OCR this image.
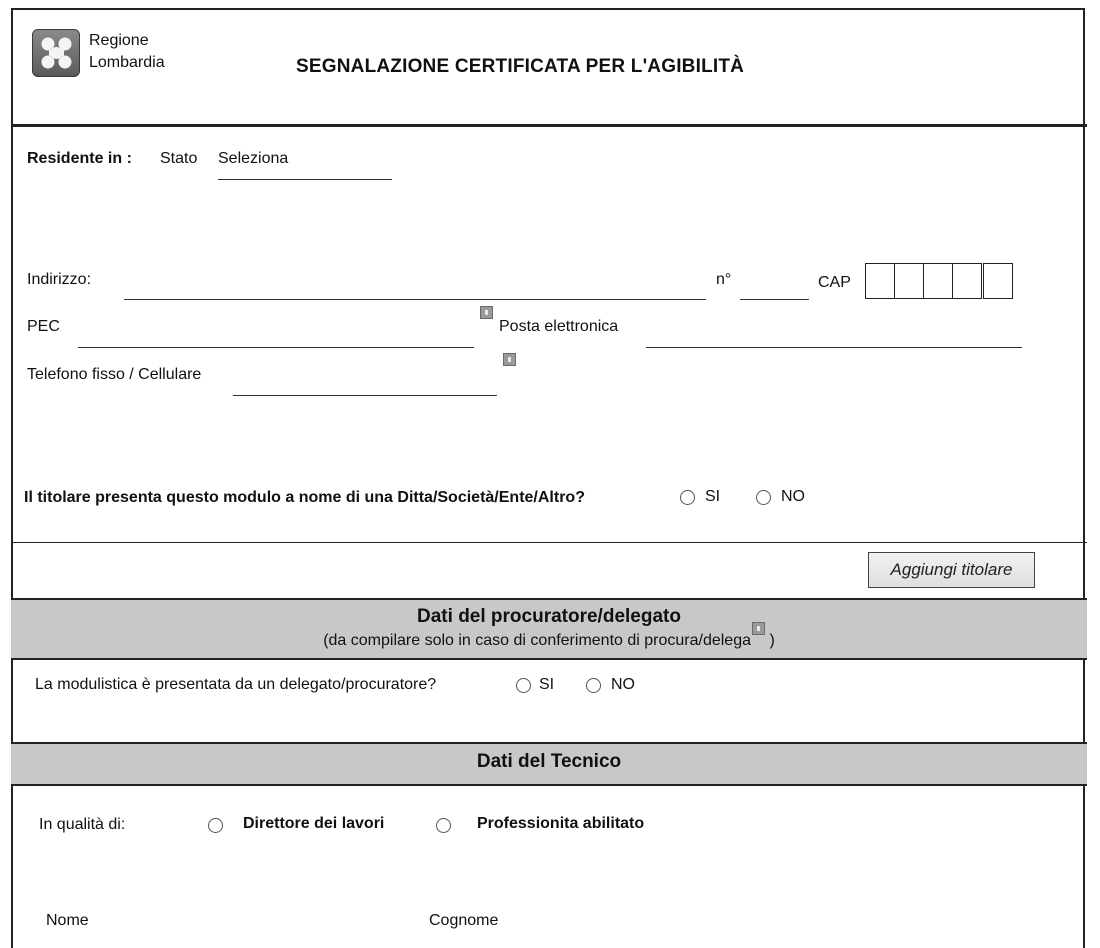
Regione
Lombardia	SEGNALAZIONE CERTIFICATA PER L'AGIBILITÀ
Residente in : Stato Seleziona
Indirizzo:	n°	CAP
PEC	Posta elettronica
Telefono fisso / Cellulare
Il titolare presenta questo modulo a nome di una Ditta/Società/Ente/Altro?	SI	NO
Aggiungi titolare
Dati del procuratore/delegato
(da compilare solo in caso di conferimento di procura/delega )
La modulistica è presentata da un delegato/procuratore?	SI	NO
Dati del Tecnico
In qualità di:	Direttore dei lavori	Professionita abilitato
Nome	Cognome
